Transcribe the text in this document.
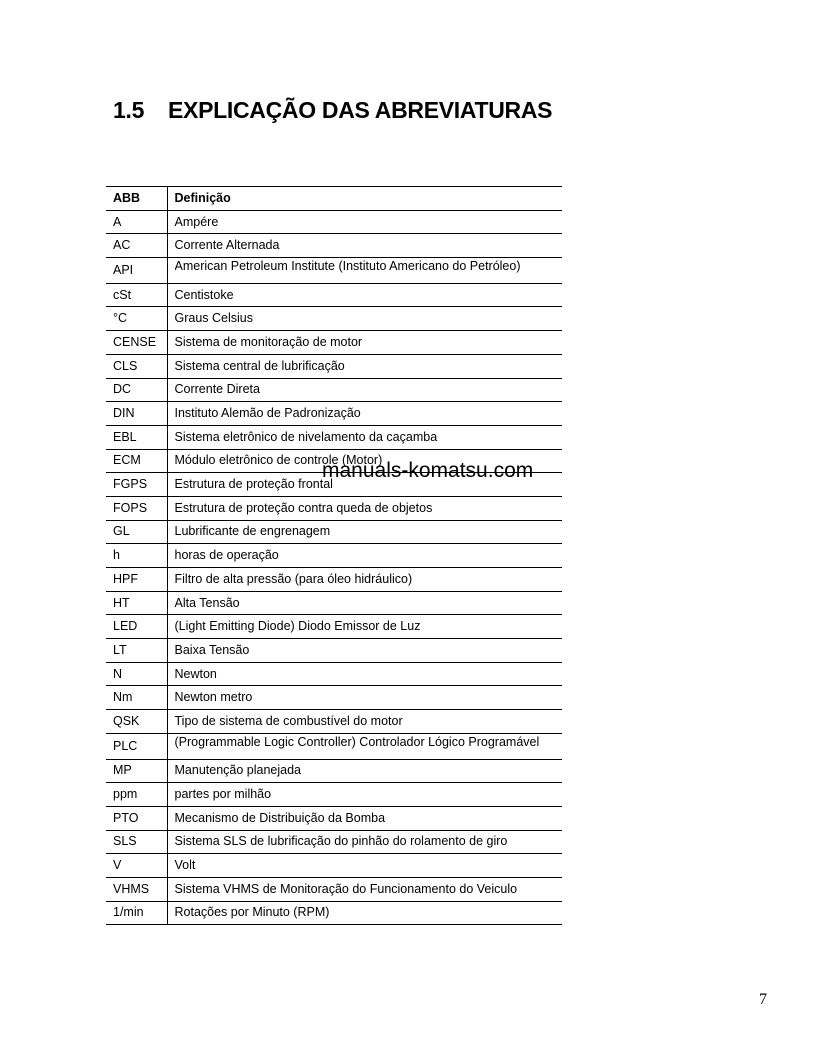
1.5 EXPLICAÇÃO DAS ABREVIATURAS
ABB	Definição
A	Ampére
AC	Corrente Alternada
API	American Petroleum Institute (Instituto Americano do Petróleo)

cSt	Centistoke
°C	Graus Celsius
CENSE	Sistema de monitoração de motor
CLS	Sistema central de lubrificação
DC	Corrente Direta
DIN	Instituto Alemão de Padronização
EBL	Sistema eletrônico de nivelamento da caçamba
ECM	Módulo eletrônico de controle (Motor)
FGPS	Estrutura de proteção frontal
FOPS	Estrutura de proteção contra queda de objetos
GL	Lubrificante de engrenagem
h	horas de operação
HPF	Filtro de alta pressão (para óleo hidráulico)
HT	Alta Tensão
LED	(Light Emitting Diode) Diodo Emissor de Luz
LT	Baixa Tensão
N	Newton
Nm	Newton metro
QSK	Tipo de sistema de combustível do motor
PLC	(Programmable Logic Controller) Controlador Lógico Programável

MP	Manutenção planejada
ppm	partes por milhão
PTO	Mecanismo de Distribuição da Bomba
SLS	Sistema SLS de lubrificação do pinhão do rolamento de giro
V	Volt
VHMS	Sistema VHMS de Monitoração do Funcionamento do Veiculo
1/min	Rotações por Minuto (RPM)
manuals-komatsu.com
7
